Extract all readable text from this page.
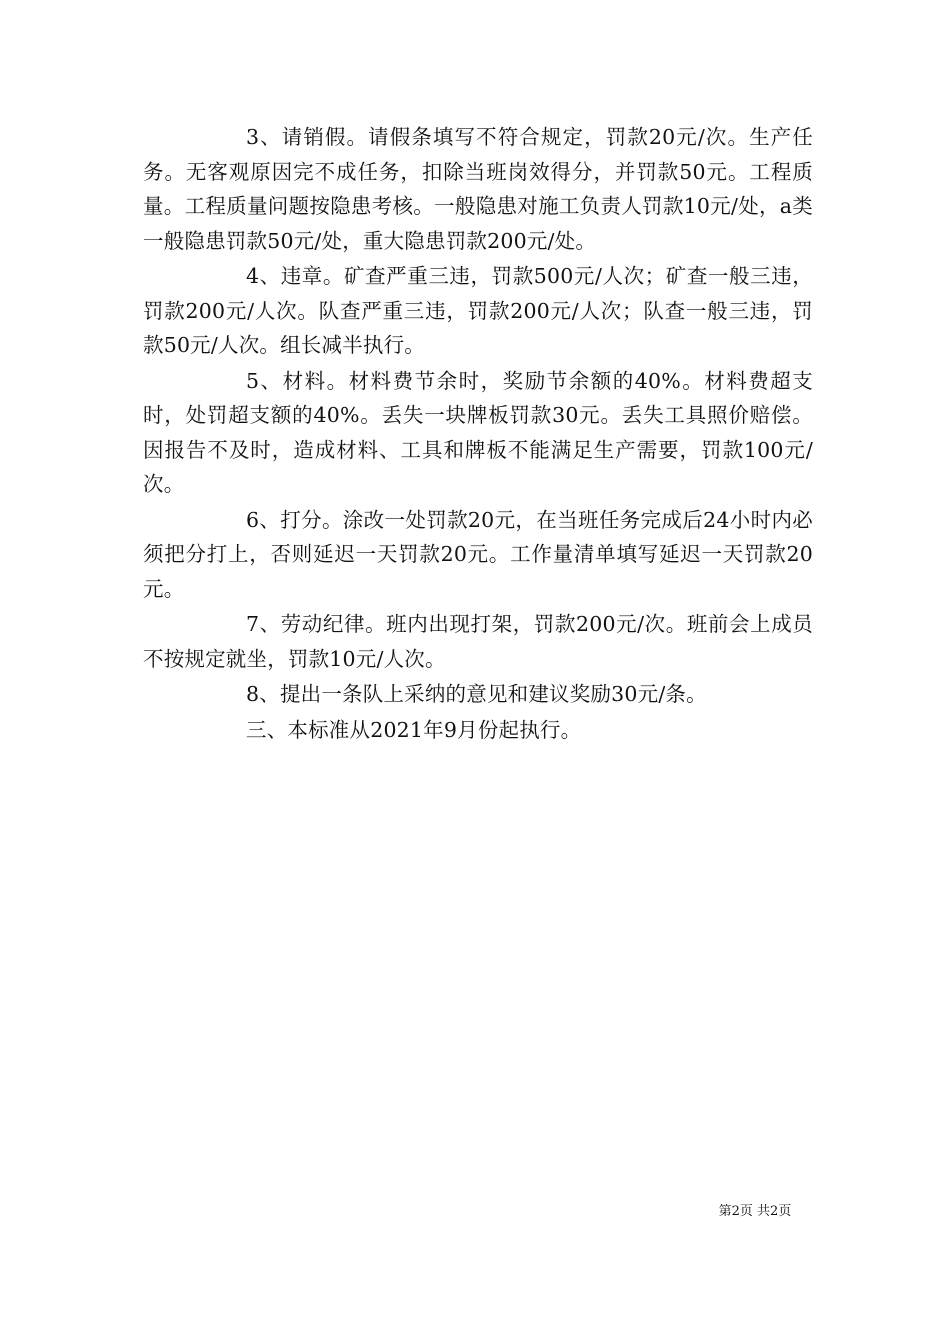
3、请销假。请假条填写不符合规定，罚款20元/次。生产任务。无客观原因完不成任务，扣除当班岗效得分，并罚款50元。工程质量。工程质量问题按隐患考核。一般隐患对施工负责人罚款10元/处，a类一般隐患罚款50元/处，重大隐患罚款200元/处。

4、违章。矿查严重三违，罚款500元/人次；矿查一般三违，罚款200元/人次。队查严重三违，罚款200元/人次；队查一般三违，罚款50元/人次。组长减半执行。

5、材料。材料费节余时，奖励节余额的40%。材料费超支时，处罚超支额的40%。丢失一块牌板罚款30元。丢失工具照价赔偿。因报告不及时，造成材料、工具和牌板不能满足生产需要，罚款100元/次。

6、打分。涂改一处罚款20元，在当班任务完成后24小时内必须把分打上，否则延迟一天罚款20元。工作量清单填写延迟一天罚款20元。

7、劳动纪律。班内出现打架，罚款200元/次。班前会上成员不按规定就坐，罚款10元/人次。

8、提出一条队上采纳的意见和建议奖励30元/条。

三、本标准从2021年9月份起执行。

第2页 共2页
